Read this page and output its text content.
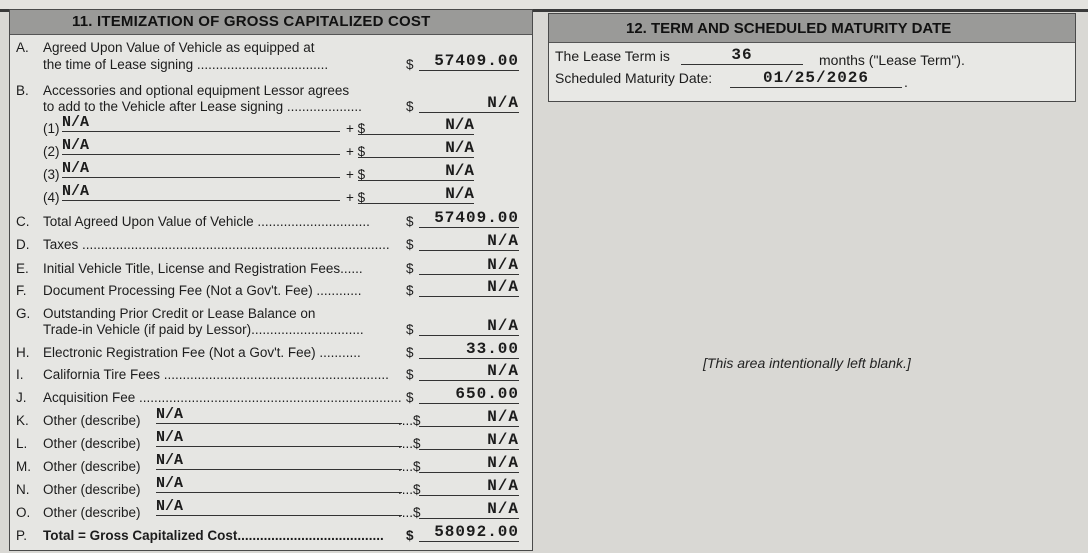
11. ITEMIZATION OF GROSS CAPITALIZED COST
A. Agreed Upon Value of Vehicle as equipped at
the time of Lease signing ...................................	$	57409.00
B. Accessories and optional equipment Lessor agrees
to add to the Vehicle after Lease signing ....................	$	N/A
(1) N/A	+ $	N/A
(2) N/A	+ $	N/A
(3) N/A	+ $	N/A
(4) N/A	+ $	N/A
C. Total Agreed Upon Value of Vehicle ..............................	$	57409.00
D. Taxes ..................................................................................	$	N/A
E. Initial Vehicle Title, License and Registration Fees......	$	N/A
F. Document Processing Fee (Not a Gov't. Fee) ............	$	N/A
G. Outstanding Prior Credit or Lease Balance on
Trade-in Vehicle (if paid by Lessor)..............................	$	N/A
H. Electronic Registration Fee (Not a Gov't. Fee) ...........	$	33.00
I. California Tire Fees ............................................................	$	N/A
J. Acquisition Fee ...................................................................... $	650.00
K. Other (describe) N/A	....$	N/A
L. Other (describe) N/A	....$	N/A
M. Other (describe) N/A	....$	N/A
N. Other (describe) N/A	....$	N/A
O. Other (describe) N/A	....$	N/A
P. Total = Gross Capitalized Cost.......................................	$	58092.00
12. TERM AND SCHEDULED MATURITY DATE
The Lease Term is	36	months ("Lease Term").
Scheduled Maturity Date:	01/25/2026	.
[This area intentionally left blank.]
